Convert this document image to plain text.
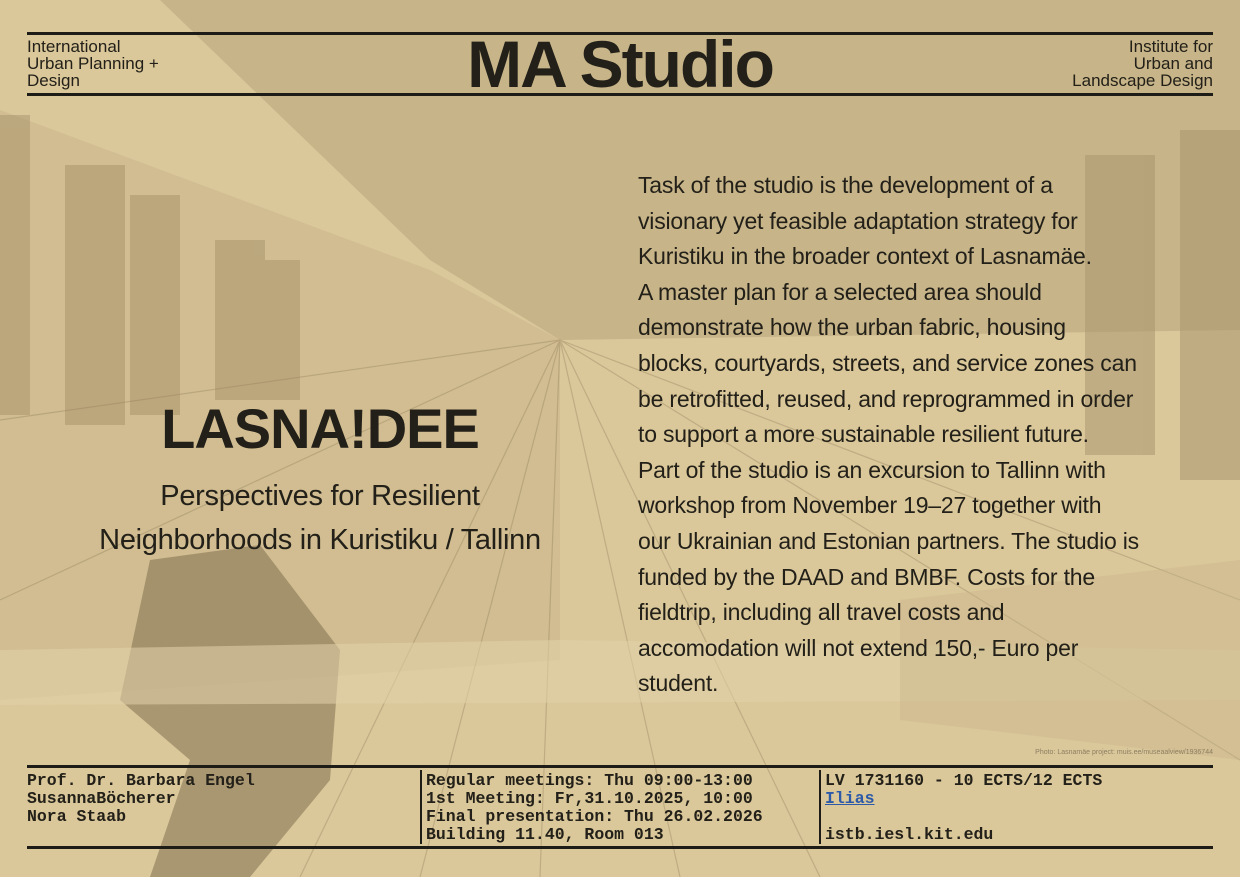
International
Urban Planning +
Design	MA Studio	Institute for
Urban and
Landscape Design
LASNA!DEE
Perspectives for Resilient
Neighborhoods in Kuristiku / Tallinn
Task of the studio is the development of a
visionary yet feasible adaptation strategy for
Kuristiku in the broader context of Lasnamäe.
A master plan for a selected area should
demonstrate how the urban fabric, housing
blocks, courtyards, streets, and service zones can
be retrofitted, reused, and reprogrammed in order
to support a more sustainable resilient future.
Part of the studio is an excursion to Tallinn with
workshop from November 19–27 together with
our Ukrainian and Estonian partners. The studio is
funded by the DAAD and BMBF. Costs for the
fieldtrip, including all travel costs and
accomodation will not extend 150,- Euro per
student.
Photo: Lasnamäe project: muis.ee/museaalview/1936744
Prof. Dr. Barbara Engel
SusannaBöcherer
Nora Staab
Regular meetings: Thu 09:00-13:00
1st Meeting: Fr,31.10.2025, 10:00
Final presentation: Thu 26.02.2026
Building 11.40, Room 013
LV 1731160 - 10 ECTS/12 ECTS
Ilias

istb.iesl.kit.edu
